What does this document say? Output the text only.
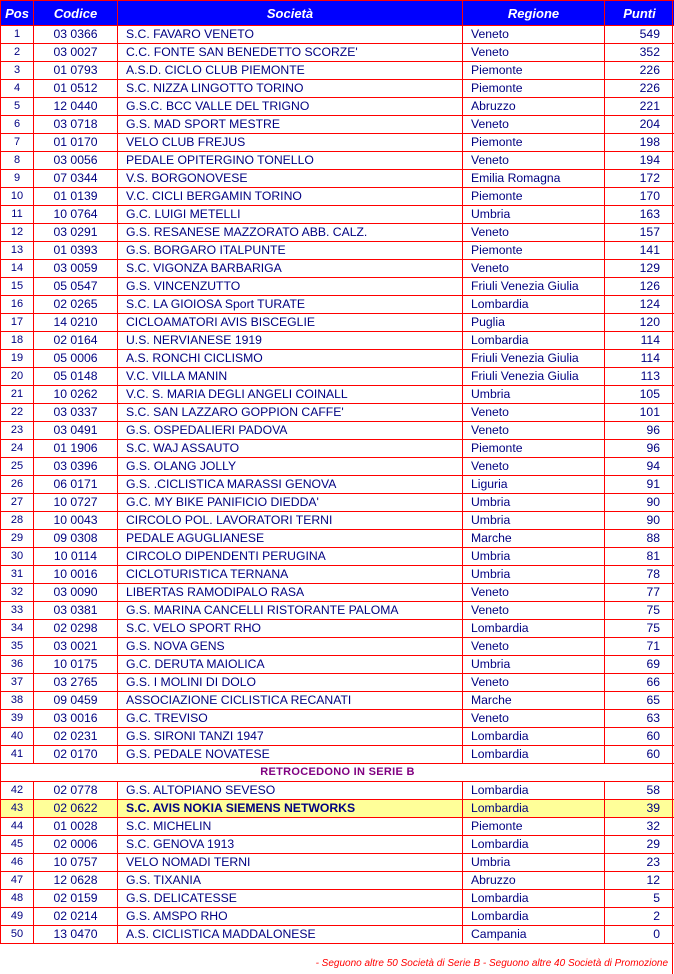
Pos	Codice	Società	Regione	Punti
1	03 0366	S.C. FAVARO VENETO	Veneto	549
2	03 0027	C.C. FONTE SAN BENEDETTO SCORZE'	Veneto	352
3	01 0793	A.S.D. CICLO CLUB PIEMONTE	Piemonte	226
4	01 0512	S.C. NIZZA LINGOTTO TORINO	Piemonte	226
5	12 0440	G.S.C. BCC VALLE DEL TRIGNO	Abruzzo	221
6	03 0718	G.S. MAD SPORT MESTRE	Veneto	204
7	01 0170	VELO CLUB FREJUS	Piemonte	198
8	03 0056	PEDALE OPITERGINO TONELLO	Veneto	194
9	07 0344	V.S. BORGONOVESE	Emilia Romagna	172
10	01 0139	V.C. CICLI BERGAMIN TORINO	Piemonte	170
11	10 0764	G.C. LUIGI METELLI	Umbria	163
12	03 0291	G.S. RESANESE MAZZORATO ABB. CALZ.	Veneto	157
13	01 0393	G.S. BORGARO ITALPUNTE	Piemonte	141
14	03 0059	S.C. VIGONZA BARBARIGA	Veneto	129
15	05 0547	G.S. VINCENZUTTO	Friuli Venezia Giulia	126
16	02 0265	S.C. LA GIOIOSA Sport TURATE	Lombardia	124
17	14 0210	CICLOAMATORI AVIS BISCEGLIE	Puglia	120
18	02 0164	U.S. NERVIANESE 1919	Lombardia	114
19	05 0006	A.S. RONCHI CICLISMO	Friuli Venezia Giulia	114
20	05 0148	V.C. VILLA MANIN	Friuli Venezia Giulia	113
21	10 0262	V.C. S. MARIA DEGLI ANGELI COINALL	Umbria	105
22	03 0337	S.C. SAN LAZZARO GOPPION CAFFE'	Veneto	101
23	03 0491	G.S. OSPEDALIERI PADOVA	Veneto	96
24	01 1906	S.C. WAJ ASSAUTO	Piemonte	96
25	03 0396	G.S. OLANG JOLLY	Veneto	94
26	06 0171	G.S. .CICLISTICA MARASSI GENOVA	Liguria	91
27	10 0727	G.C. MY BIKE PANIFICIO DIEDDA'	Umbria	90
28	10 0043	CIRCOLO POL. LAVORATORI TERNI	Umbria	90
29	09 0308	PEDALE AGUGLIANESE	Marche	88
30	10 0114	CIRCOLO DIPENDENTI PERUGINA	Umbria	81
31	10 0016	CICLOTURISTICA TERNANA	Umbria	78
32	03 0090	LIBERTAS RAMODIPALO RASA	Veneto	77
33	03 0381	G.S. MARINA CANCELLI RISTORANTE PALOMA	Veneto	75
34	02 0298	S.C. VELO SPORT RHO	Lombardia	75
35	03 0021	G.S. NOVA GENS	Veneto	71
36	10 0175	G.C. DERUTA MAIOLICA	Umbria	69
37	03 2765	G.S. I MOLINI DI DOLO	Veneto	66
38	09 0459	ASSOCIAZIONE CICLISTICA RECANATI	Marche	65
39	03 0016	G.C. TREVISO	Veneto	63
40	02 0231	G.S. SIRONI TANZI 1947	Lombardia	60
41	02 0170	G.S. PEDALE NOVATESE	Lombardia	60
RETROCEDONO IN SERIE B				
42	02 0778	G.S. ALTOPIANO SEVESO	Lombardia	58
43	02 0622	S.C. AVIS NOKIA SIEMENS NETWORKS	Lombardia	39
44	01 0028	S.C. MICHELIN	Piemonte	32
45	02 0006	S.C. GENOVA 1913	Lombardia	29
46	10 0757	VELO NOMADI TERNI	Umbria	23
47	12 0628	G.S. TIXANIA	Abruzzo	12
48	02 0159	G.S. DELICATESSE	Lombardia	5
49	02 0214	G.S. AMSPO RHO	Lombardia	2
50	13 0470	A.S. CICLISTICA MADDALONESE	Campania	0
- Seguono altre 50 Società di Serie B - Seguono altre 40 Società di Promozione
